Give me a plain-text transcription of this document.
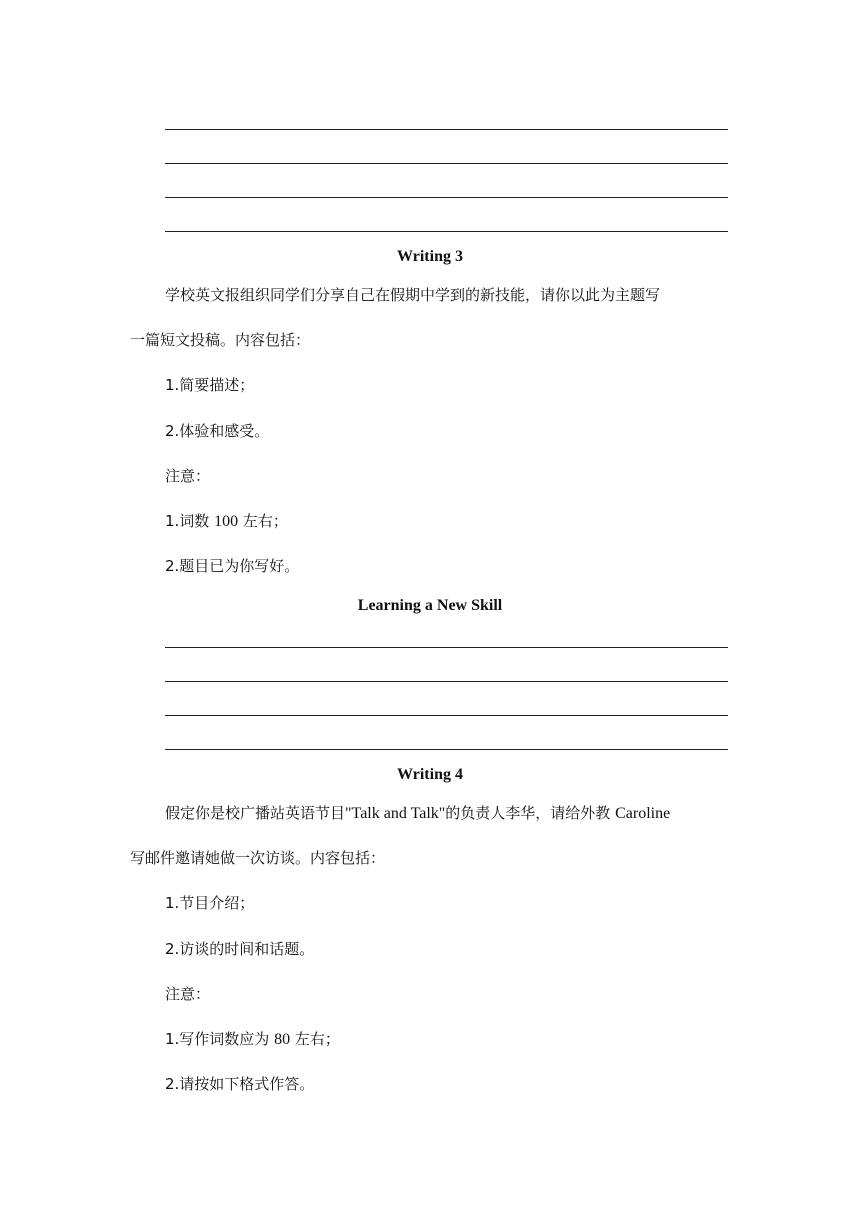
Writing 3
学校英文报组织同学们分享自己在假期中学到的新技能，请你以此为主题写
一篇短文投稿。内容包括：
1.简要描述；
2.体验和感受。
注意：
1.词数 100 左右；
2.题目已为你写好。
Learning a New Skill
Writing 4
假定你是校广播站英语节目"Talk and Talk"的负责人李华，请给外教 Caroline
写邮件邀请她做一次访谈。内容包括：
1.节目介绍；
2.访谈的时间和话题。
注意：
1.写作词数应为 80 左右；
2.请按如下格式作答。
